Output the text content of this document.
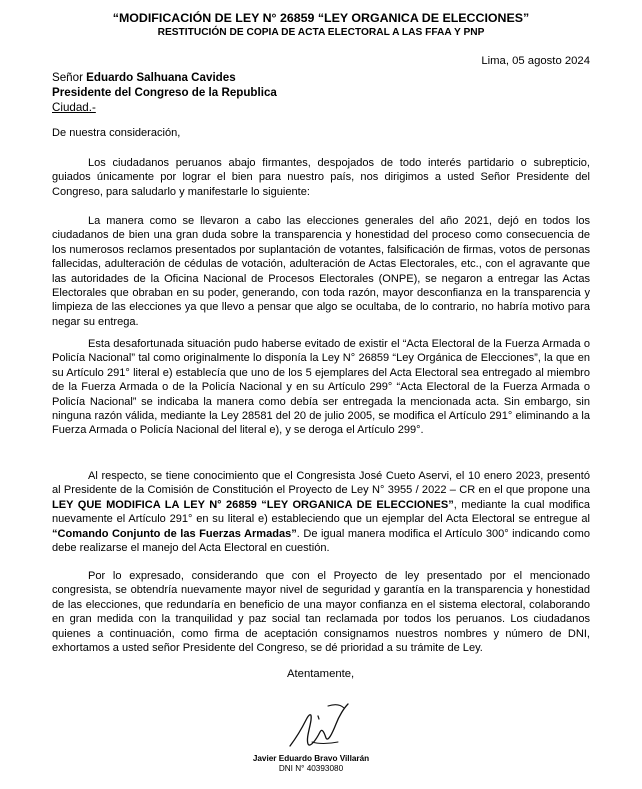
“MODIFICACIÓN DE LEY N° 26859 “LEY ORGANICA DE ELECCIONES”

RESTITUCIÓN DE COPIA DE ACTA ELECTORAL A LAS FFAA Y PNP

Lima, 05 agosto 2024
Señor Eduardo Salhuana Cavides
Presidente del Congreso de la Republica
Ciudad.-

De nuestra consideración,

Los ciudadanos peruanos abajo firmantes, despojados de todo interés partidario o subrepticio, guiados únicamente por lograr el bien para nuestro país, nos dirigimos a usted Señor Presidente del Congreso, para saludarlo y manifestarle lo siguiente:

La manera como se llevaron a cabo las elecciones generales del año 2021, dejó en todos los ciudadanos de bien una gran duda sobre la transparencia y honestidad del proceso como consecuencia de los numerosos reclamos presentados por suplantación de votantes, falsificación de firmas, votos de personas fallecidas, adulteración de cédulas de votación, adulteración de Actas Electorales, etc., con el agravante que las autoridades de la Oficina Nacional de Procesos Electorales (ONPE), se negaron a entregar las Actas Electorales que obraban en su poder, generando, con toda razón, mayor desconfianza en la transparencia y limpieza de las elecciones ya que llevo a pensar que algo se ocultaba, de lo contrario, no habría motivo para negar su entrega.

Esta desafortunada situación pudo haberse evitado de existir el “Acta Electoral de la Fuerza Armada o Policía Nacional” tal como originalmente lo disponía la Ley N° 26859 “Ley Orgánica de Elecciones”, la que en su Artículo 291° literal e) establecía que uno de los 5 ejemplares del Acta Electoral sea entregado al miembro de la Fuerza Armada o de la Policía Nacional y en su Artículo 299° “Acta Electoral de la Fuerza Armada o Policía Nacional” se indicaba la manera como debía ser entregada la mencionada acta. Sin embargo, sin ninguna razón válida, mediante la Ley 28581 del 20 de julio 2005, se modifica el Artículo 291° eliminando a la Fuerza Armada o Policía Nacional del literal e), y se deroga el Artículo 299°.

Al respecto, se tiene conocimiento que el Congresista José Cueto Aservi, el 10 enero 2023, presentó al Presidente de la Comisión de Constitución el Proyecto de Ley N° 3955 / 2022 – CR en el que propone una LEY QUE MODIFICA LA LEY N° 26859 “LEY ORGANICA DE ELECCIONES”, mediante la cual modifica nuevamente el Artículo 291° en su literal e) estableciendo que un ejemplar del Acta Electoral se entregue al “Comando Conjunto de las Fuerzas Armadas”. De igual manera modifica el Artículo 300° indicando como debe realizarse el manejo del Acta Electoral en cuestión.

Por lo expresado, considerando que con el Proyecto de ley presentado por el mencionado congresista, se obtendría nuevamente mayor nivel de seguridad y garantía en la transparencia y honestidad de las elecciones, que redundaría en beneficio de una mayor confianza en el sistema electoral, colaborando en gran medida con la tranquilidad y paz social tan reclamada por todos los peruanos. Los ciudadanos quienes a continuación, como firma de aceptación consignamos nuestros nombres y número de DNI, exhortamos a usted señor Presidente del Congreso, se dé prioridad a su trámite de Ley.

Atentamente,
Javier Eduardo Bravo Villarán
DNI N° 40393080
